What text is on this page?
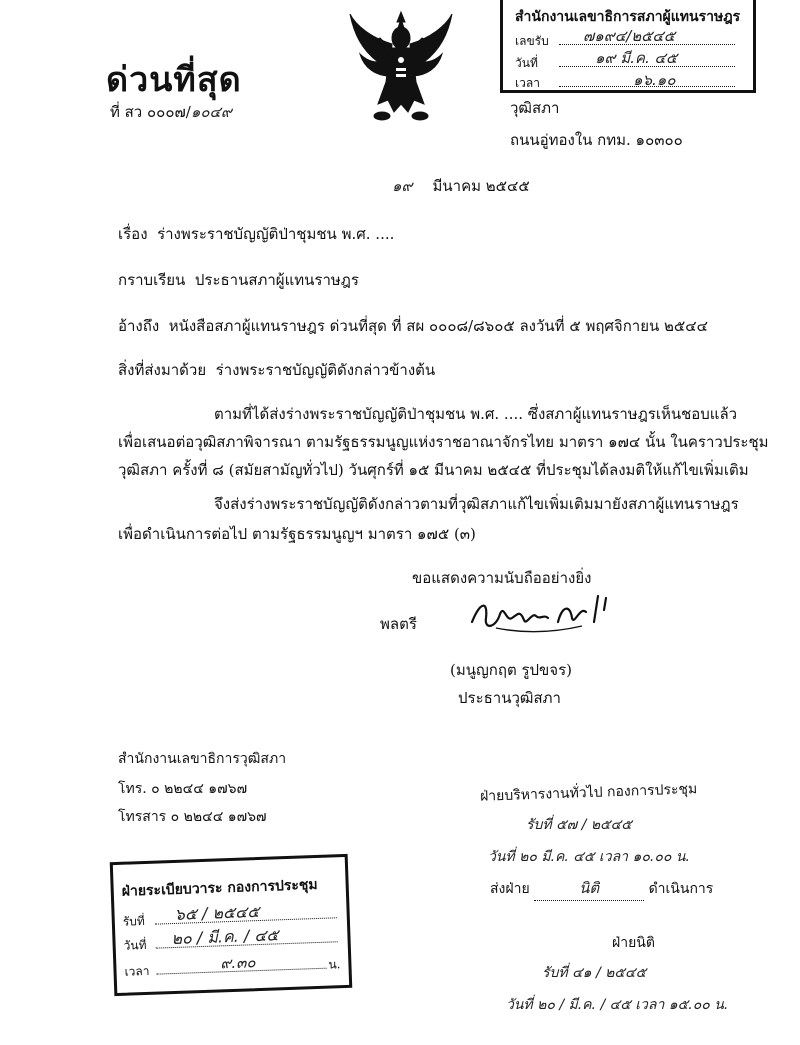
ด่วนที่สุด
ที่ สว ๐๐๐๗/๑๐๔๙
สำนักงานเลขาธิการสภาผู้แทนราษฎร
เลขรับ ๗๑๙๔/๒๕๔๕
วันที่	๑๙ มี.ค. ๔๕
เวลา	๑๖.๑๐
วุฒิสภา
ถนนอู่ทองใน กทม. ๑๐๓๐๐
๑๙ มีนาคม ๒๕๔๕
เรื่อง ร่างพระราชบัญญัติป่าชุมชน พ.ศ. ....
กราบเรียน ประธานสภาผู้แทนราษฎร
อ้างถึง หนังสือสภาผู้แทนราษฎร ด่วนที่สุด ที่ สผ ๐๐๐๘/๘๖๐๕ ลงวันที่ ๕ พฤศจิกายน ๒๕๔๔
สิ่งที่ส่งมาด้วย ร่างพระราชบัญญัติดังกล่าวข้างต้น
ตามที่ได้ส่งร่างพระราชบัญญัติป่าชุมชน พ.ศ. .... ซึ่งสภาผู้แทนราษฎรเห็นชอบแล้ว
เพื่อเสนอต่อวุฒิสภาพิจารณา ตามรัฐธรรมนูญแห่งราชอาณาจักรไทย มาตรา ๑๗๔ นั้น ในคราวประชุม
วุฒิสภา ครั้งที่ ๘ (สมัยสามัญทั่วไป) วันศุกร์ที่ ๑๕ มีนาคม ๒๕๔๕ ที่ประชุมได้ลงมติให้แก้ไขเพิ่มเติม
จึงส่งร่างพระราชบัญญัติดังกล่าวตามที่วุฒิสภาแก้ไขเพิ่มเติมมายังสภาผู้แทนราษฎร
เพื่อดำเนินการต่อไป ตามรัฐธรรมนูญฯ มาตรา ๑๗๕ (๓)
ขอแสดงความนับถืออย่างยิ่ง
พลตรี
(มนูญกฤต รูปขจร)
ประธานวุฒิสภา
สำนักงานเลขาธิการวุฒิสภา
โทร. ๐ ๒๒๔๔ ๑๗๖๗
โทรสาร ๐ ๒๒๔๔ ๑๗๖๗
ฝ่ายระเบียบวาระ กองการประชุม
รับที่ ๖๕ / ๒๕๔๕
วันที่ ๒๐ / มี.ค. / ๔๕
เวลา	๙.๓๐	น.
ฝ่ายบริหารงานทั่วไป กองการประชุม
รับที่ ๕๗ / ๒๕๔๕
วันที่ ๒๐ มี.ค. ๔๕ เวลา ๑๐.๐๐ น.
ส่งฝ่าย	นิติ	ดำเนินการ
ฝ่ายนิติ
รับที่ ๔๑ / ๒๕๔๕
วันที่ ๒๐ / มี.ค. / ๔๕ เวลา ๑๕.๐๐ น.
